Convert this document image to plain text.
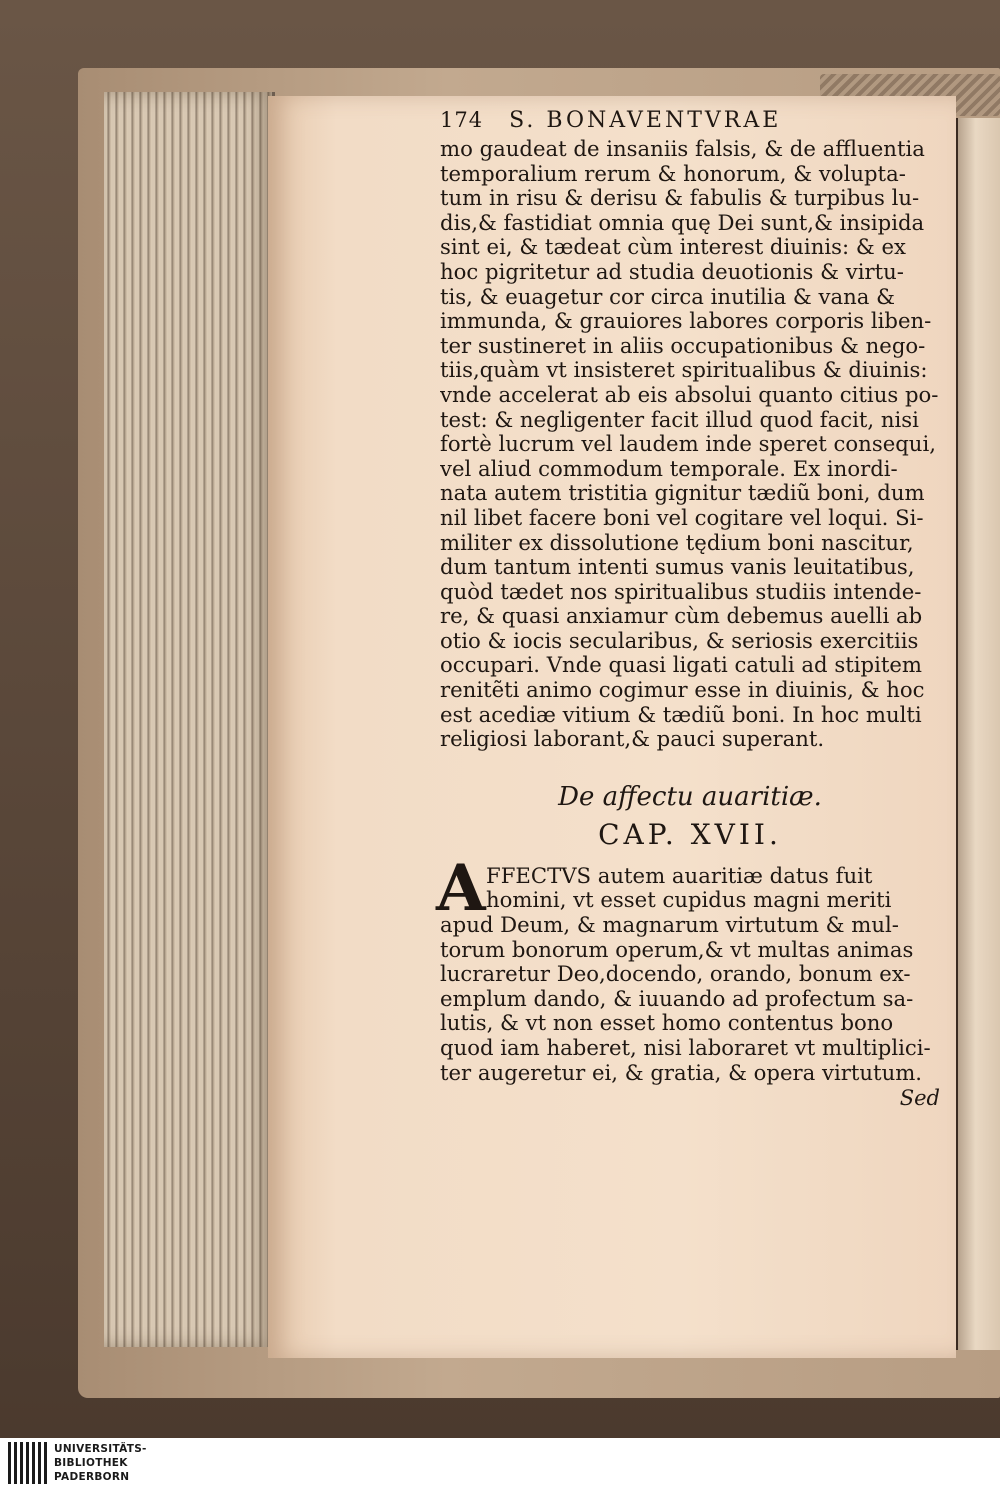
174 S. BONAVENTVRAE
mo gaudeat de insaniis falsis, & de affluentia
temporalium rerum & honorum, & volupta-
tum in risu & derisu & fabulis & turpibus lu-
dis,& fastidiat omnia quę Dei sunt,& insipida
sint ei, & tædeat cùm interest diuinis: & ex
hoc pigritetur ad studia deuotionis & virtu-
tis, & euagetur cor circa inutilia & vana &
immunda, & grauiores labores corporis liben-
ter sustineret in aliis occupationibus & nego-
tiis,quàm vt insisteret spiritualibus & diuinis:
vnde accelerat ab eis absolui quanto citius po-
test: & negligenter facit illud quod facit, nisi
fortè lucrum vel laudem inde speret consequi,
vel aliud commodum temporale. Ex inordi-
nata autem tristitia gignitur tædiũ boni, dum
nil libet facere boni vel cogitare vel loqui. Si-
militer ex dissolutione tędium boni nascitur,
dum tantum intenti sumus vanis leuitatibus,
quòd tædet nos spiritualibus studiis intende-
re, & quasi anxiamur cùm debemus auelli ab
otio & iocis secularibus, & seriosis exercitiis
occupari. Vnde quasi ligati catuli ad stipitem
renitẽti animo cogimur esse in diuinis, & hoc
est acediæ vitium & tædiũ boni. In hoc multi
religiosi laborant,& pauci superant.
De affectu auaritiæ.
CAP. XVII.
A FFECTVS autem auaritiæ datus fuit
homini, vt esset cupidus magni meriti
apud Deum, & magnarum virtutum & mul-
torum bonorum operum,& vt multas animas
lucraretur Deo,docendo, orando, bonum ex-
emplum dando, & iuuando ad profectum sa-
lutis, & vt non esset homo contentus bono
quod iam haberet, nisi laboraret vt multiplici-
ter augeretur ei, & gratia, & opera virtutum.
Sed
UNIVERSITÄTS-
BIBLIOTHEK
PADERBORN
